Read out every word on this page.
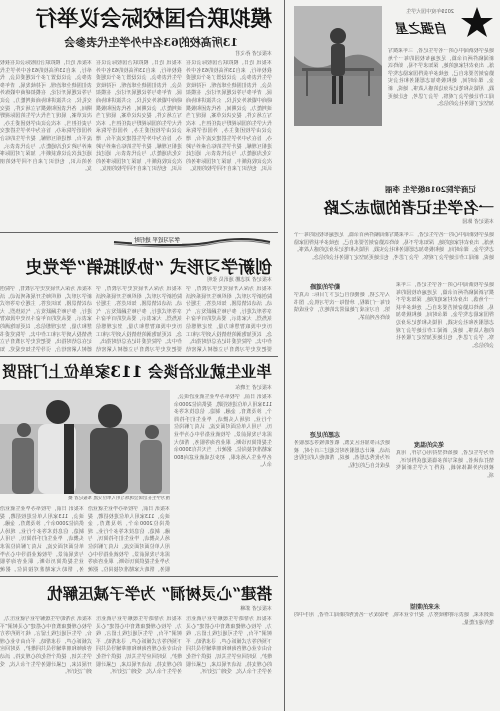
2019年度中国大学生
自强之星
她是学校新闻中心的一名学生记者，三年来撰写新闻稿件两百余篇，足迹遍布校园的每一个角落。出身农村家庭的她，深知求学不易，始终以勤奋刻苦要求自己，连续多年获得国家励志奖学金。课余时间，她积极参加志愿服务和社会实践，用镜头和笔记录身边的感人故事。她说，新闻工作让她学会了观察、学会了思考，也让她更加坚定了服务社会的信念。
记商学院2018级学生 李丽
一名学生记者的励志之路
本报记者 陈园
她是学校新闻中心的一名学生记者，三年来撰写新闻稿件两百余篇，足迹遍布校园的每一个角落。出身农村家庭的她，深知求学不易，始终以勤奋刻苦要求自己，连续多年获得国家励志奖学金。课余时间，她积极参加志愿服务和社会实践，用镜头和笔记录身边的感人故事。她说，新闻工作让她学会了观察、学会了思考，也让她更加坚定了服务社会的信念。
勤学的道路
入学之初，她便给自己定下了目标：认真学好每一门课程，珍惜每一次学习机会。图书馆、自习室成了她最常去的地方，专业成绩始终名列前茅。
她是学校新闻中心的一名学生记者，三年来撰写新闻稿件两百余篇，足迹遍布校园的每一个角落。出身农村家庭的她，深知求学不易，始终以勤奋刻苦要求自己，连续多年获得国家励志奖学金。课余时间，她积极参加志愿服务和社会实践，用镜头和笔记录身边的感人故事。她说，新闻工作让她学会了观察、学会了思考，也让她更加坚定了服务社会的信念。
志愿的足迹
她先后参加社区支教、敬老助残等志愿服务活动，累计志愿服务时长超过三百小时，被评为优秀志愿者。她说，帮助他人的过程也是成长自己的过程。
笔尖的温度
作为学生记者，她始终坚持用心写作，用真情打动读者。她采写的多篇报道获得好评，被校内外媒体转载，获得了大学生新闻奖项。
未来的期望
谈到未来，她表示将继续努力，提升专业本领，争取成为一名优秀的新闻工作者，用手中的笔传递正能量。
模拟联合国校际会议举行
13所高校的63名中外学生代表参会
本报记者 孙文君
本报讯 近日，模拟联合国校际会议在我校举行，来自13所高校的63名中外学生代表参会。会议设置了多个议题委员会，代表们围绕全球治理、可持续发展、青年参与等议题展开讨论，在模拟磋商中锻炼外交礼仪、公共演讲和协商谈判能力。会议期间，各代表团积极撰写立场文件，提交决议草案，展现了当代大学生的国际视野与责任担当。本次会议由学校团委主办，外国语学院承办，旨在为中外学生搭建交流平台，增进相互理解，提升学生的综合素养与跨文化沟通能力。与会代表表示，通过此次会议收获颇丰，加深了对国际事务的认识，也结识了来自不同学校的朋友。
本报讯 近日，模拟联合国校际会议在我校举行，来自13所高校的63名中外学生代表参会。会议设置了多个议题委员会，代表们围绕全球治理、可持续发展、青年参与等议题展开讨论，在模拟磋商中锻炼外交礼仪、公共演讲和协商谈判能力。会议期间，各代表团积极撰写立场文件，提交决议草案，展现了当代大学生的国际视野与责任担当。本次会议由学校团委主办，外国语学院承办，旨在为中外学生搭建交流平台，增进相互理解，提升学生的综合素养与跨文化沟通能力。与会代表表示，通过此次会议收获颇丰，加深了对国际事务的认识，也结识了来自不同学校的朋友。
本报讯 近日，模拟联合国校际会议在我校举行，来自13所高校的63名中外学生代表参会。会议设置了多个议题委员会，代表们围绕全球治理、可持续发展、青年参与等议题展开讨论，在模拟磋商中锻炼外交礼仪、公共演讲和协商谈判能力。会议期间，各代表团积极撰写立场文件，提交决议草案，展现了当代大学生的国际视野与责任担当。本次会议由学校团委主办，外国语学院承办，旨在为中外学生搭建交流平台，增进相互理解，提升学生的综合素养与跨文化沟通能力。与会代表表示，通过此次会议收获颇丰，加深了对国际事务的认识，也结识了来自不同学校的朋友。
学习习近平 进行时
创新学习形式 “协划抵销”学党史
本报记者 刘志鹏 通讯员 张明
本报讯 为深入开展党史学习教育，学院创新学习形式，组织师生开展系列活动。活动以情景剧、知识竞答、主题分享等形式进行，参与师生踊跃发言，气氛热烈。大家表示，要从党的百年奋斗历史中汲取智慧和力量，坚定理想信念，以更加饱满的热情投入到学习和工作中去。学院党委书记在总结时指出，要把党史学习教育与立德树人紧密结
本报讯 为深入开展党史学习教育，学院创新学习形式，组织师生开展系列活动。活动以情景剧、知识竞答、主题分享等形式进行，参与师生踊跃发言，气氛热烈。大家表示，要从党的百年奋斗历史中汲取智慧和力量，坚定理想信念，以更加饱满的热情投入到学习和工作中去。学院党委书记在总结时指出，要把党史学习教育与立德树人紧密结
本报讯 为深入开展党史学习教育，学院创新学习形式，组织师生开展系列活动。活动以情景剧、知识竞答、主题分享等形式进行，参与师生踊跃发言，气氛热烈。大家表示，要从党的百年奋斗历史中汲取智慧和力量，坚定理想信念，以更加饱满的热情投入到学习和工作中去。学院党委书记在总结时指出，要把党史学习教育与立德树人紧密结合，引导学生知史爱党、知
毕业生就业洽谈会 113家单位上门招贤
本报记者 王晓东
本报讯 日前，学校举办毕业生就业洽谈会，113家用人单位进校招聘，提供岗位2000余个，涉及教育、金融、制造、信息技术等多个行业。现场人头攒动，毕业生们手持简历，与用人单位面对面交流，认真了解岗位需求与发展前景。学校就业指导中心为毕业生提供简历诊断、职业咨询等服务，帮助大家精准对接岗位。据统计，当天共有3000余名毕业生入场求职，初步达成就业意向800余人。
图为学生在洽谈会现场与用人单位交流 本报记者 摄
本报讯 日前，学校举办毕业生就业洽谈会，113家用人单位进校招聘，提供岗位2000余个，涉及教育、金融、制造、信息技术等多个行业。现场人头攒动，毕业生们手持简历，与用人单位面对面交流，认真了解岗位需求与发展前景。学校就业指导中心为毕业生提供简历诊断、职业咨询等服务，帮助大家精准对接岗位。据统
本报讯 日前，学校举办毕业生就业洽谈会，113家用人单位进校招聘，提供岗位2000余个，涉及教育、金融、制造、信息技术等多个行业。现场人头攒动，毕业生们手持简历，与用人单位面对面交流，认真了解岗位需求与发展前景。学校就业指导中心为毕业生提供简历诊断、职业咨询等服务，帮助大家精准对接岗位。据统
搭建“心灵树洞” 为学子减压解忧
本报记者 郭琳
本报讯 为帮助学生缓解学业与就业压力，学校心理健康教育中心搭建“心灵树洞”平台，学生可通过线上留言、线下预约等方式倾诉心声、寻求帮助。平台由专业心理咨询师和朋辈辅导员共同维护，及时回应学生关切，提供个性化的心理支持。活动开展以来，已累计服务学生千余人次，受到广泛好评。
本报讯 为帮助学生缓解学业与就业压力，学校心理健康教育中心搭建“心灵树洞”平台，学生可通过线上留言、线下预约等方式倾诉心声、寻求帮助。平台由专业心理咨询师和朋辈辅导员共同维护，及时回应学生关切，提供个性化的心理支持。活动开展以来，已累计服务学生千余人次，受到广泛好评。
本报讯 为帮助学生缓解学业与就业压力，学校心理健康教育中心搭建“心灵树洞”平台，学生可通过线上留言、线下预约等方式倾诉心声、寻求帮助。平台由专业心理咨询师和朋辈辅导员共同维护，及时回应学生关切，提供个性化的心理支持。活动开展以来，已累计服务学生千余人次，受到广泛好评。
